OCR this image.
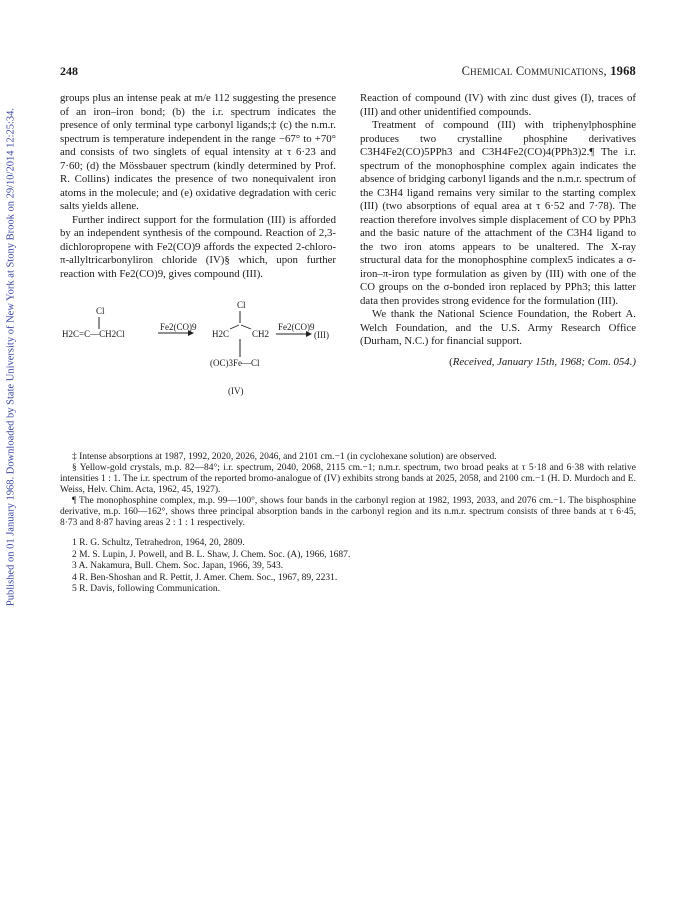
Published on 01 January 1968. Downloaded by State University of New York at Stony Brook on 29/10/2014 12:25:34.
248	Chemical Communications, 1968

groups plus an intense peak at m/e 112 suggesting the presence of an iron–iron bond; (b) the i.r. spectrum indicates the presence of only terminal type carbonyl ligands;‡ (c) the n.m.r. spectrum is temperature independent in the range −67° to +70° and consists of two singlets of equal intensity at τ 6·23 and 7·60; (d) the Mössbauer spectrum (kindly determined by Prof. R. Collins) indicates the presence of two nonequivalent iron atoms in the molecule; and (e) oxidative degradation with ceric salts yields allene.

Further indirect support for the formulation (III) is afforded by an independent synthesis of the compound. Reaction of 2,3-dichloropropene with Fe2(CO)9 affords the expected 2-chloro-π-allyltricarbonyliron chloride (IV)§ which, upon further reaction with Fe2(CO)9, gives compound (III).

Cl
H2C=C—CH2Cl
Fe2(CO)9
Cl
H2C	CH2
Fe2(CO)9
(III)
(OC)3Fe—Cl
(IV)

Reaction of compound (IV) with zinc dust gives (I), traces of (III) and other unidentified compounds.

Treatment of compound (III) with triphenylphosphine produces two crystalline phosphine derivatives C3H4Fe2(CO)5PPh3 and C3H4Fe2(CO)4(PPh3)2.¶ The i.r. spectrum of the monophosphine complex again indicates the absence of bridging carbonyl ligands and the n.m.r. spectrum of the C3H4 ligand remains very similar to the starting complex (III) (two absorptions of equal area at τ 6·52 and 7·78). The reaction therefore involves simple displacement of CO by PPh3 and the basic nature of the attachment of the C3H4 ligand to the two iron atoms appears to be unaltered. The X-ray structural data for the monophosphine complex5 indicates a σ-iron–π-iron type formulation as given by (III) with one of the CO groups on the σ-bonded iron replaced by PPh3; this latter data then provides strong evidence for the formulation (III).

We thank the National Science Foundation, the Robert A. Welch Foundation, and the U.S. Army Research Office (Durham, N.C.) for financial support.

(Received, January 15th, 1968; Com. 054.)

‡ Intense absorptions at 1987, 1992, 2020, 2026, 2046, and 2101 cm.−1 (in cyclohexane solution) are observed.

§ Yellow-gold crystals, m.p. 82—84°; i.r. spectrum, 2040, 2068, 2115 cm.−1; n.m.r. spectrum, two broad peaks at τ 5·18 and 6·38 with relative intensities 1 : 1. The i.r. spectrum of the reported bromo-analogue of (IV) exhibits strong bands at 2025, 2058, and 2100 cm.−1 (H. D. Murdoch and E. Weiss, Helv. Chim. Acta, 1962, 45, 1927).

¶ The monophosphine complex, m.p. 99—100°, shows four bands in the carbonyl region at 1982, 1993, 2033, and 2076 cm.−1. The bisphosphine derivative, m.p. 160—162°, shows three principal absorption bands in the carbonyl region and its n.m.r. spectrum consists of three bands at τ 6·45, 8·73 and 8·87 having areas 2 : 1 : 1 respectively.

1 R. G. Schultz, Tetrahedron, 1964, 20, 2809.

2 M. S. Lupin, J. Powell, and B. L. Shaw, J. Chem. Soc. (A), 1966, 1687.

3 A. Nakamura, Bull. Chem. Soc. Japan, 1966, 39, 543.

4 R. Ben-Shoshan and R. Pettit, J. Amer. Chem. Soc., 1967, 89, 2231.

5 R. Davis, following Communication.
